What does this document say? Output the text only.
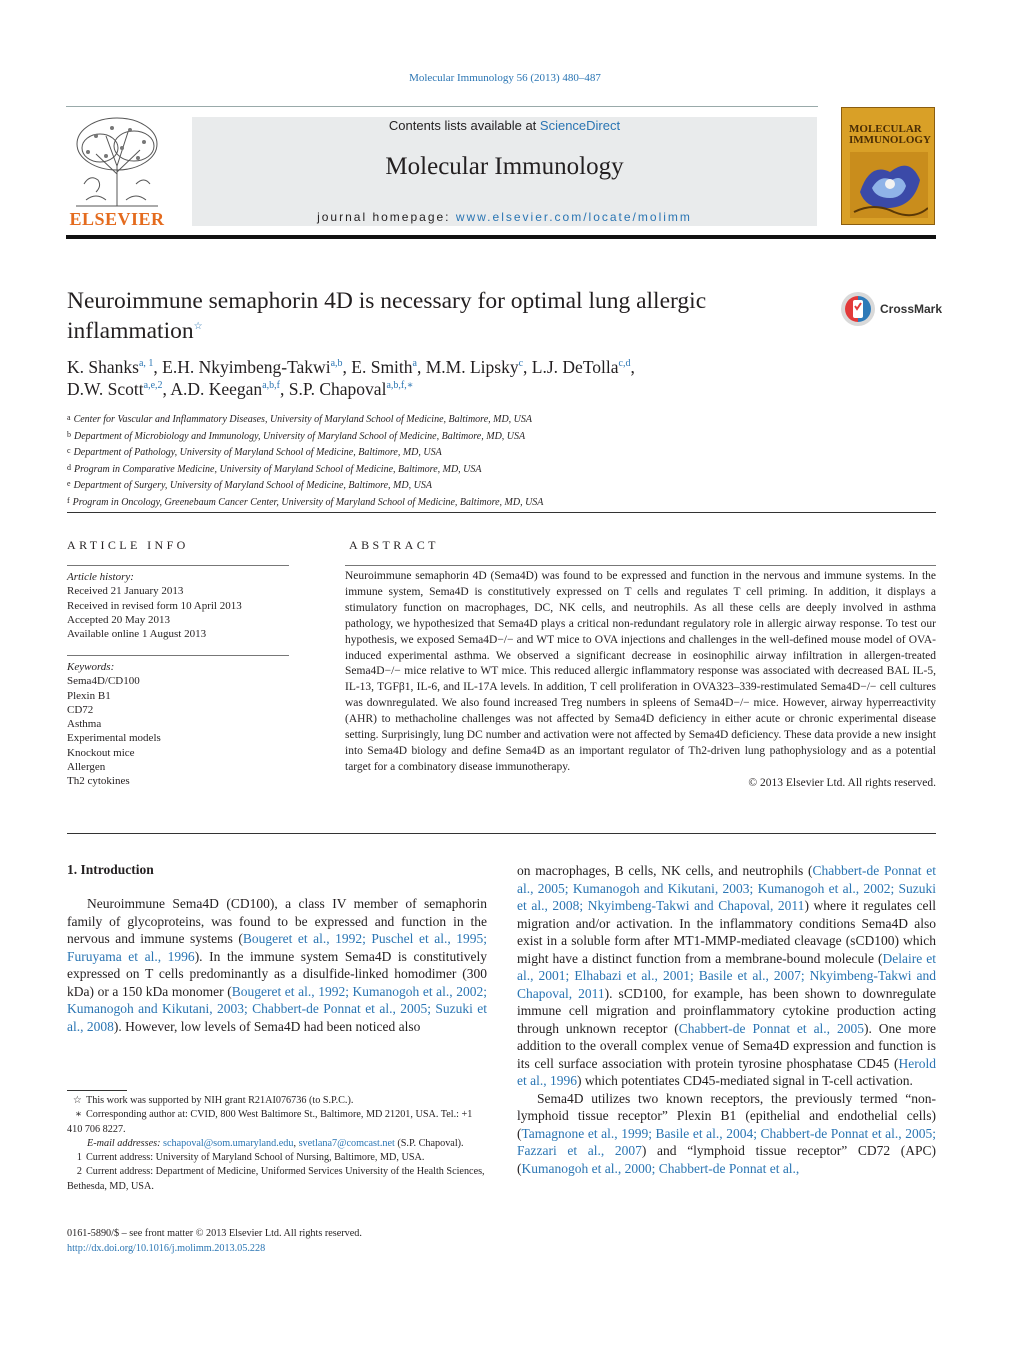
Molecular Immunology 56 (2013) 480–487
ELSEVIER
Contents lists available at ScienceDirect
Molecular Immunology
journal homepage: www.elsevier.com/locate/molimm
MOLECULAR IMMUNOLOGY
Neuroimmune semaphorin 4D is necessary for optimal lung allergic inflammation☆
CrossMark
K. Shanks$^{a, 1}$, E.H. Nkyimbeng-Takwi$^{a,b}$, E. Smith$^a$, M.M. Lipsky$^c$, L.J. DeTolla$^{c,d}$,
D.W. Scott$^{a,e,2}$, A.D. Keegan$^{a,b,f}$, S.P. Chapoval$^{a,b,f,∗}$
$^a$ Center for Vascular and Inflammatory Diseases, University of Maryland School of Medicine, Baltimore, MD, USA
$^b$ Department of Microbiology and Immunology, University of Maryland School of Medicine, Baltimore, MD, USA
$^c$ Department of Pathology, University of Maryland School of Medicine, Baltimore, MD, USA
$^d$ Program in Comparative Medicine, University of Maryland School of Medicine, Baltimore, MD, USA
$^e$ Department of Surgery, University of Maryland School of Medicine, Baltimore, MD, USA
$^f$ Program in Oncology, Greenebaum Cancer Center, University of Maryland School of Medicine, Baltimore, MD, USA
ARTICLE INFO
Article history:
Received 21 January 2013
Received in revised form 10 April 2013
Accepted 20 May 2013
Available online 1 August 2013
Keywords:
Sema4D/CD100
Plexin B1
CD72
Asthma
Experimental models
Knockout mice
Allergen
Th2 cytokines
ABSTRACT
Neuroimmune semaphorin 4D (Sema4D) was found to be expressed and function in the nervous and immune systems. In the immune system, Sema4D is constitutively expressed on T cells and regulates T cell priming. In addition, it displays a stimulatory function on macrophages, DC, NK cells, and neutrophils. As all these cells are deeply involved in asthma pathology, we hypothesized that Sema4D plays a critical non-redundant regulatory role in allergic airway response. To test our hypothesis, we exposed Sema4D−/− and WT mice to OVA injections and challenges in the well-defined mouse model of OVA-induced experimental asthma. We observed a significant decrease in eosinophilic airway infiltration in allergen-treated Sema4D−/− mice relative to WT mice. This reduced allergic inflammatory response was associated with decreased BAL IL-5, IL-13, TGFβ1, IL-6, and IL-17A levels. In addition, T cell proliferation in OVA323–339-restimulated Sema4D−/− cell cultures was downregulated. We also found increased Treg numbers in spleens of Sema4D−/− mice. However, airway hyperreactivity (AHR) to methacholine challenges was not affected by Sema4D deficiency in either acute or chronic experimental disease setting. Surprisingly, lung DC number and activation were not affected by Sema4D deficiency. These data provide a new insight into Sema4D biology and define Sema4D as an important regulator of Th2-driven lung pathophysiology and as a potential target for a combinatory disease immunotherapy.
© 2013 Elsevier Ltd. All rights reserved.
1. Introduction

Neuroimmune Sema4D (CD100), a class IV member of semaphorin family of glycoproteins, was found to be expressed and function in the nervous and immune systems (Bougeret et al., 1992; Puschel et al., 1995; Furuyama et al., 1996). In the immune system Sema4D is constitutively expressed on T cells predominantly as a disulfide-linked homodimer (300 kDa) or a 150 kDa monomer (Bougeret et al., 1992; Kumanogoh et al., 2002; Kumanogoh and Kikutani, 2003; Chabbert-de Ponnat et al., 2005; Suzuki et al., 2008). However, low levels of Sema4D had been noticed also

on macrophages, B cells, NK cells, and neutrophils (Chabbert-de Ponnat et al., 2005; Kumanogoh and Kikutani, 2003; Kumanogoh et al., 2002; Suzuki et al., 2008; Nkyimbeng-Takwi and Chapoval, 2011) where it regulates cell migration and/or activation. In the inflammatory conditions Sema4D also exist in a soluble form after MT1-MMP-mediated cleavage (sCD100) which might have a distinct function from a membrane-bound molecule (Delaire et al., 2001; Elhabazi et al., 2001; Basile et al., 2007; Nkyimbeng-Takwi and Chapoval, 2011). sCD100, for example, has been shown to downregulate immune cell migration and proinflammatory cytokine production acting through unknown receptor (Chabbert-de Ponnat et al., 2005). One more addition to the overall complex venue of Sema4D expression and function is its cell surface association with protein tyrosine phosphatase CD45 (Herold et al., 1996) which potentiates CD45-mediated signal in T-cell activation.

Sema4D utilizes two known receptors, the previously termed “non-lymphoid tissue receptor” Plexin B1 (epithelial and endothelial cells) (Tamagnone et al., 1999; Basile et al., 2004; Chabbert-de Ponnat et al., 2005; Fazzari et al., 2007) and “lymphoid tissue receptor” CD72 (APC)(Kumanogoh et al., 2000; Chabbert-de Ponnat et al.,

☆ This work was supported by NIH grant R21AI076736 (to S.P.C.).

∗ Corresponding author at: CVID, 800 West Baltimore St., Baltimore, MD 21201, USA. Tel.: +1 410 706 8227.

E-mail addresses: schapoval@som.umaryland.edu, svetlana7@comcast.net (S.P. Chapoval).

1 Current address: University of Maryland School of Nursing, Baltimore, MD, USA.

2 Current address: Department of Medicine, Uniformed Services University of the Health Sciences, Bethesda, MD, USA.

0161-5890/$ – see front matter © 2013 Elsevier Ltd. All rights reserved.
http://dx.doi.org/10.1016/j.molimm.2013.05.228
